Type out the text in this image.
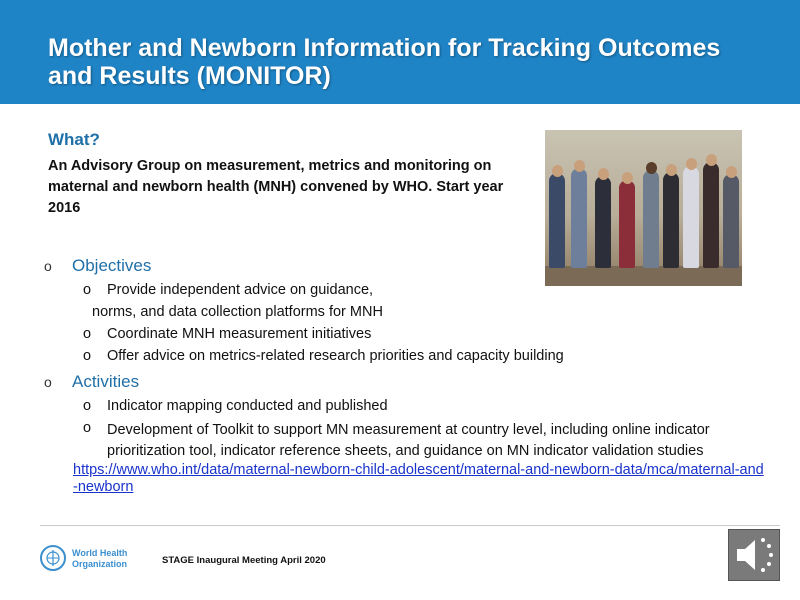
Mother and Newborn Information for Tracking Outcomes and Results (MONITOR)
What?
An Advisory Group on measurement, metrics and monitoring on maternal and newborn health (MNH) convened by WHO. Start year 2016
o Objectives
o Provide independent advice on guidance,
norms, and data collection platforms for MNH
o Coordinate MNH measurement initiatives
o Offer advice on metrics-related research priorities and capacity building
o Activities
o Indicator mapping conducted and published
o Development of Toolkit to support MN measurement at country level, including online indicator prioritization tool, indicator reference sheets, and guidance on MN indicator validation studies
https://www.who.int/data/maternal-newborn-child-adolescent/maternal-and-newborn-data/mca/maternal-and-newborn
World Health
Organization	STAGE Inaugural Meeting April 2020
